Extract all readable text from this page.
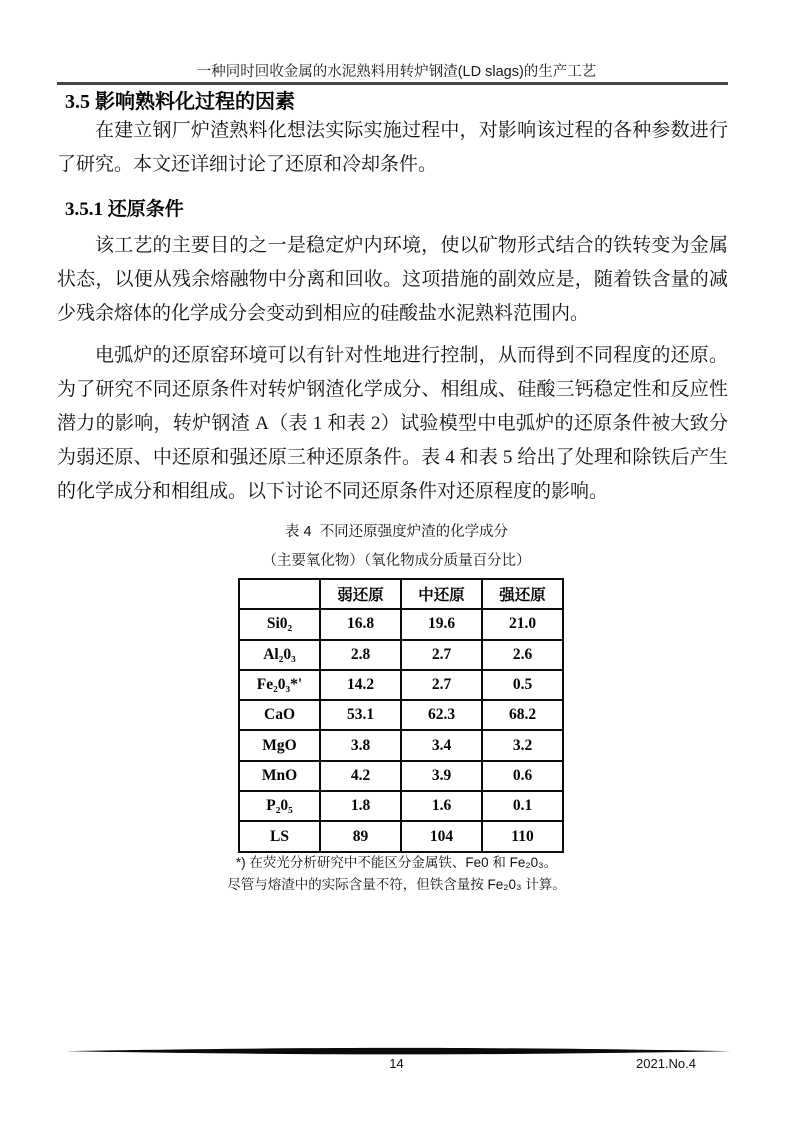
一种同时回收金属的水泥熟料用转炉钢渣(LD slags)的生产工艺
3.5 影响熟料化过程的因素
在建立钢厂炉渣熟料化想法实际实施过程中，对影响该过程的各种参数进行了研究。本文还详细讨论了还原和冷却条件。
3.5.1 还原条件
该工艺的主要目的之一是稳定炉内环境，使以矿物形式结合的铁转变为金属状态，以便从残余熔融物中分离和回收。这项措施的副效应是，随着铁含量的减少残余熔体的化学成分会变动到相应的硅酸盐水泥熟料范围内。
电弧炉的还原窑环境可以有针对性地进行控制，从而得到不同程度的还原。为了研究不同还原条件对转炉钢渣化学成分、相组成、硅酸三钙稳定性和反应性潜力的影响，转炉钢渣 A（表 1 和表 2）试验模型中电弧炉的还原条件被大致分为弱还原、中还原和强还原三种还原条件。表 4 和表 5 给出了处理和除铁后产生的化学成分和相组成。以下讨论不同还原条件对还原程度的影响。
表 4  不同还原强度炉渣的化学成分
（主要氧化物）（氧化物成分质量百分比）
	弱还原	中还原	强还原
Si0₂	16.8	19.6	21.0
Al₂0₃	2.8	2.7	2.6
Fe₂0₃*'	14.2	2.7	0.5
CaO	53.1	62.3	68.2
MgO	3.8	3.4	3.2
MnO	4.2	3.9	0.6
P₂0₅	1.8	1.6	0.1
LS	89	104	110
*) 在荧光分析研究中不能区分金属铁、Fe0 和 Fe₂0₃。
尽管与熔渣中的实际含量不符，但铁含量按 Fe₂0₃ 计算。
14	2021.No.4
